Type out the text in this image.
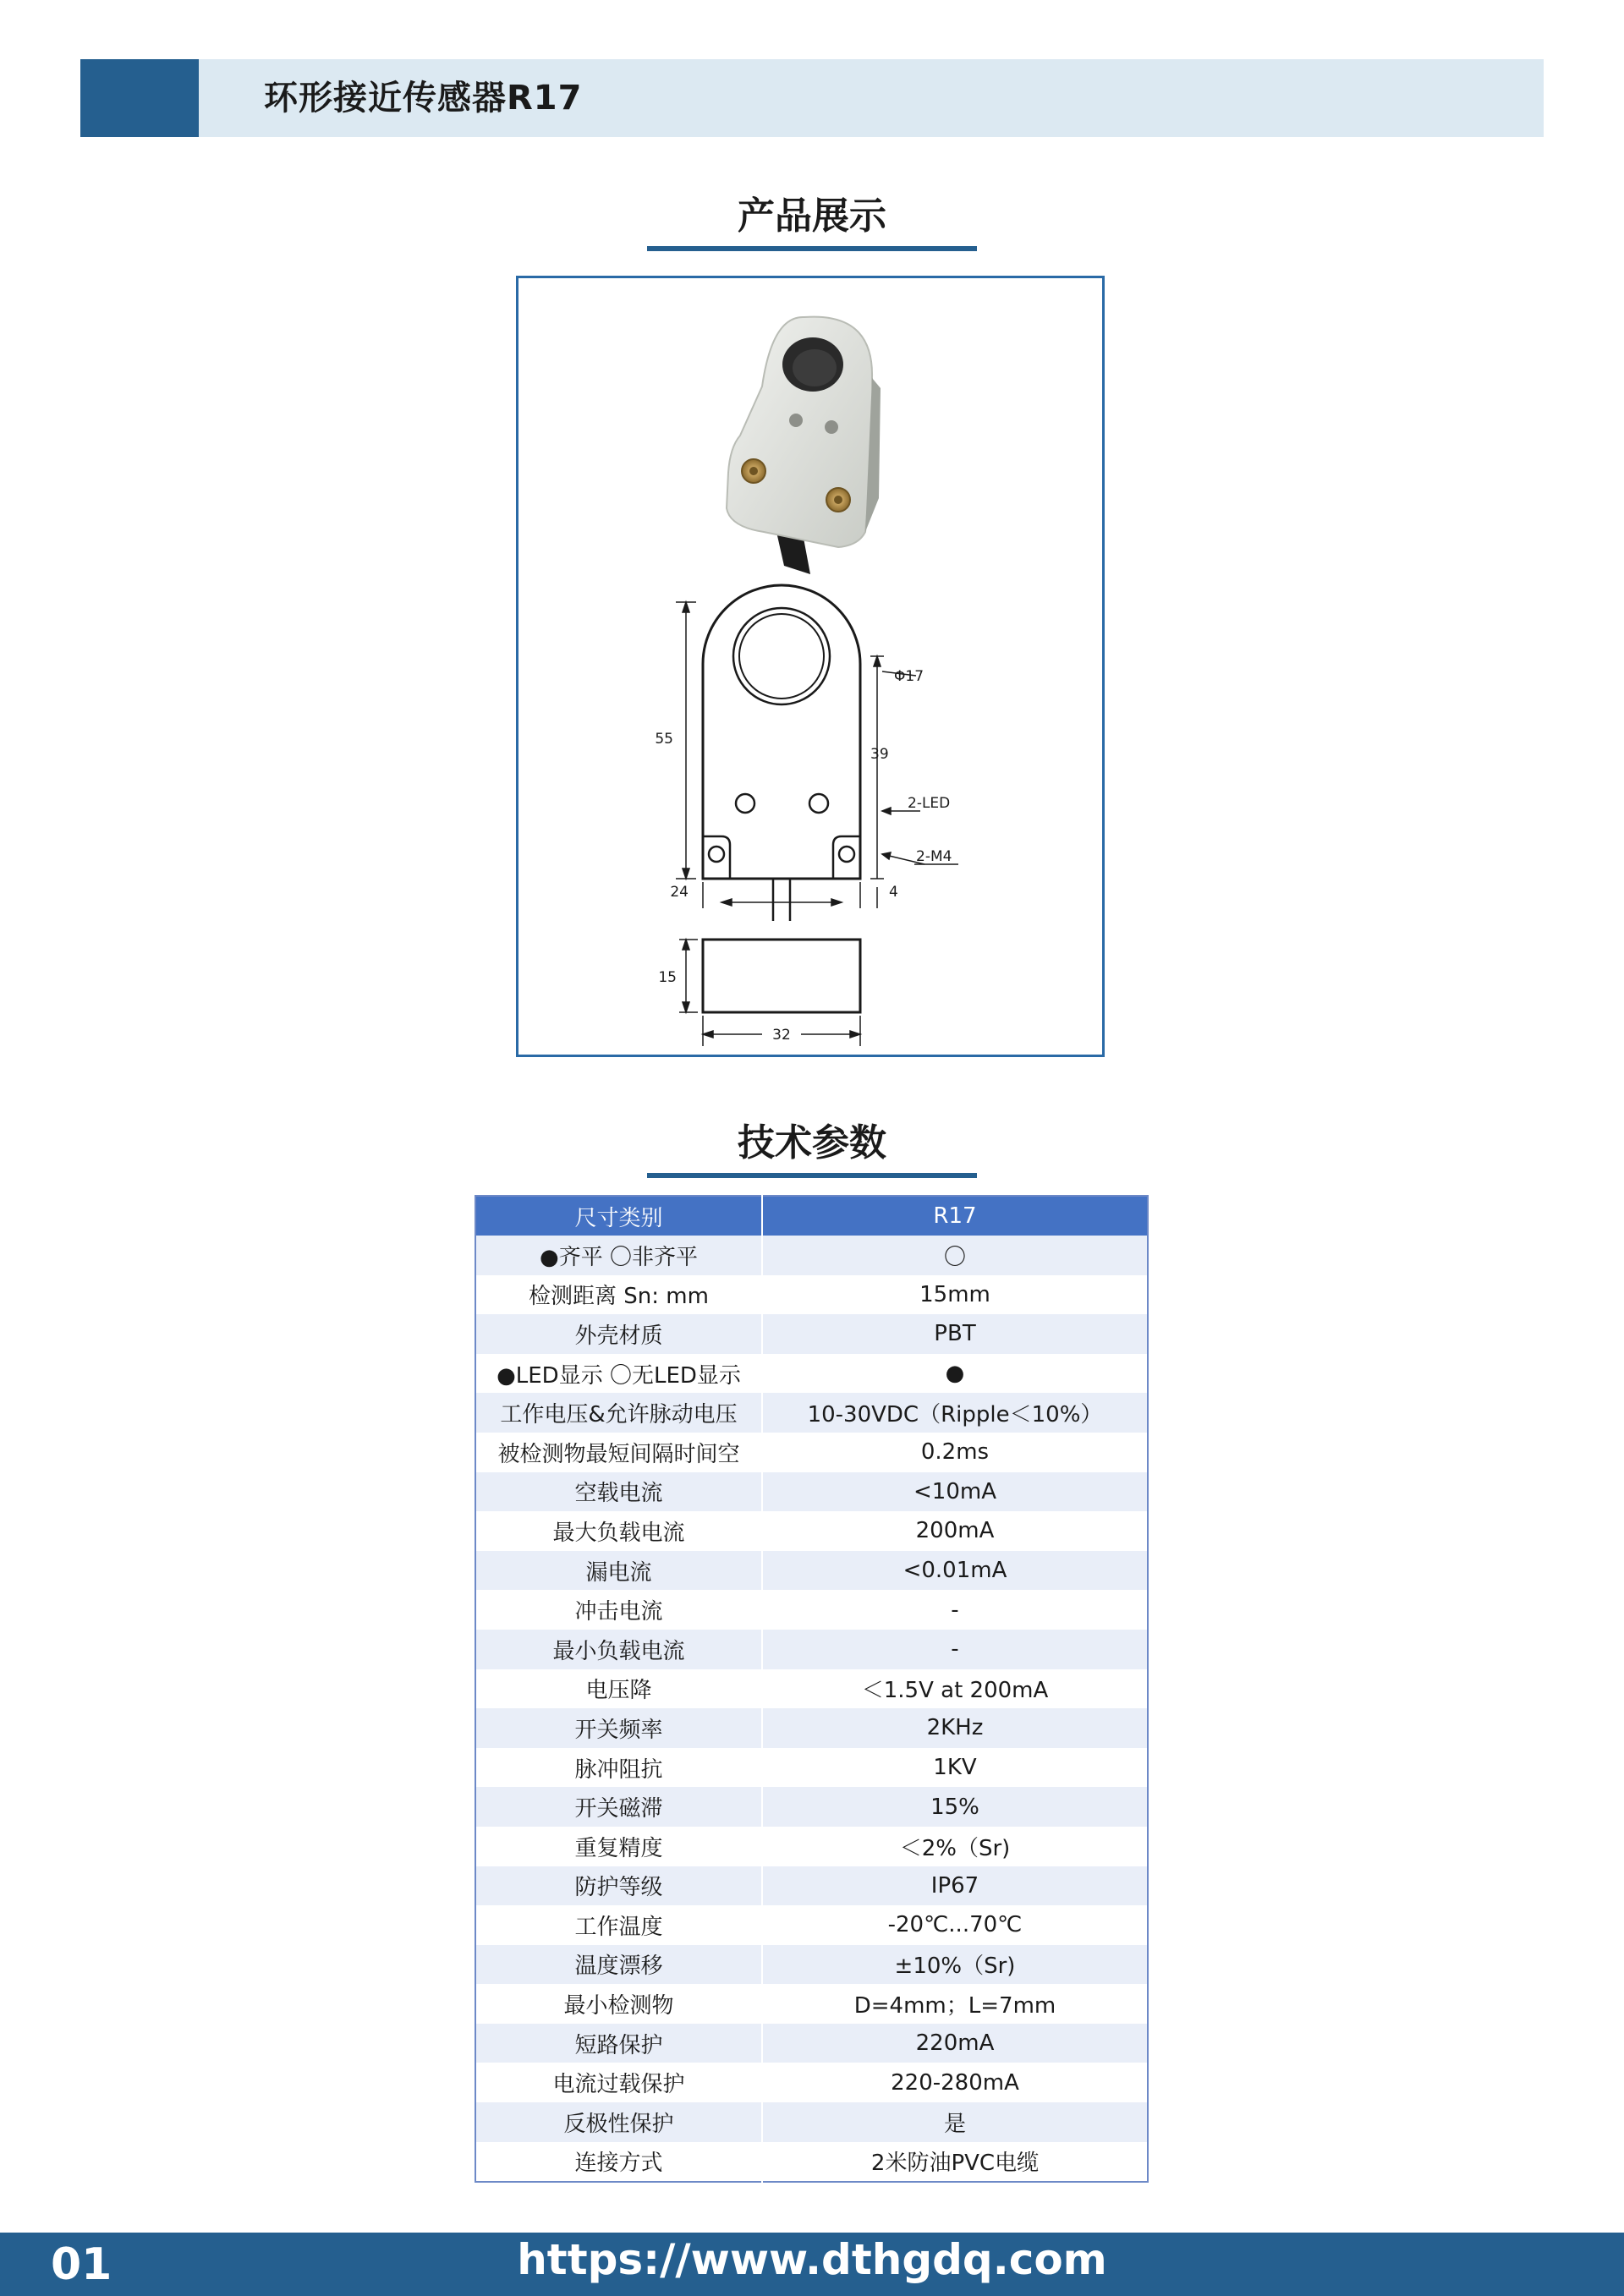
环形接近传感器R17
产品展示
Φ17
55
39
2-LED
2-M4
24	4
15
32
技术参数
尺寸类别	R17
●齐平 〇非齐平	〇
检测距离 Sn: mm	15mm
外壳材质	PBT
●LED显示 〇无LED显示	●
工作电压&允许脉动电压	10-30VDC（Ripple＜10%）
被检测物最短间隔时间空	0.2ms
空载电流	<10mA
最大负载电流	200mA
漏电流	<0.01mA
冲击电流	-
最小负载电流	-
电压降	＜1.5V at 200mA
开关频率	2KHz
脉冲阻抗	1KV
开关磁滞	15%
重复精度	＜2%（Sr)
防护等级	IP67
工作温度	-20℃...70℃
温度漂移	±10%（Sr)
最小检测物	D=4mm；L=7mm
短路保护	220mA
电流过载保护	220-280mA
反极性保护	是
连接方式	2米防油PVC电缆
01	https://www.dthgdq.com
